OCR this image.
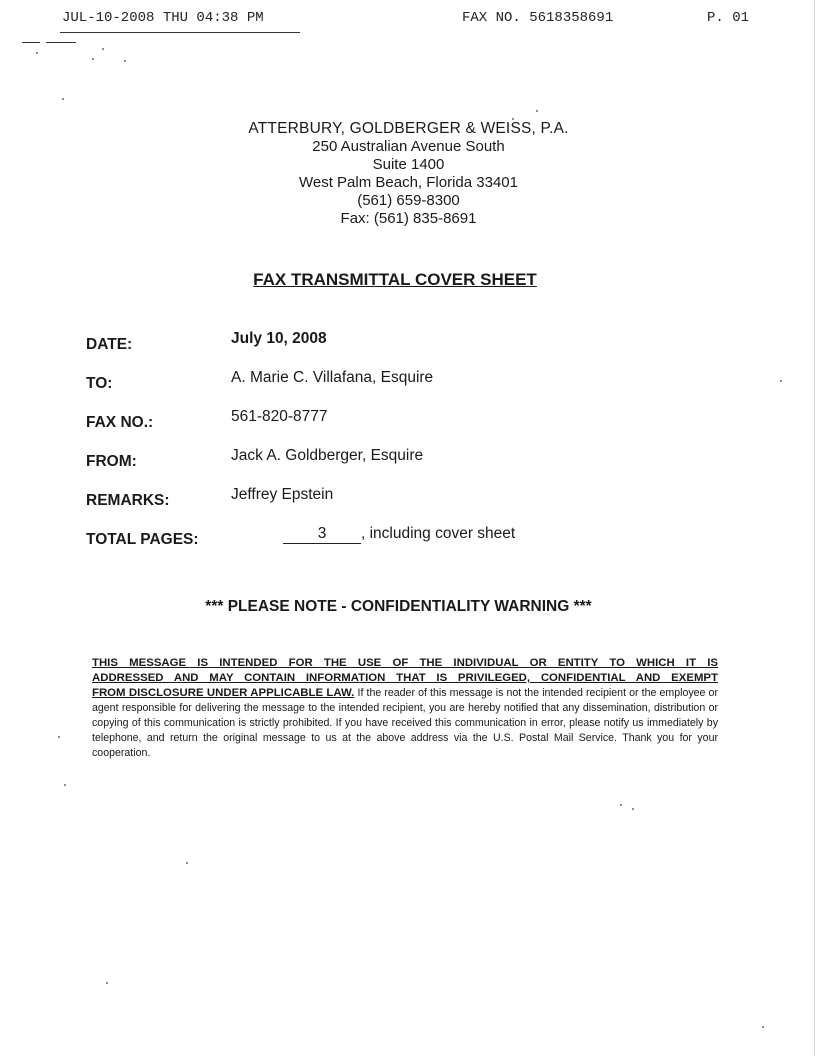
JUL-10-2008 THU 04:38 PM	FAX NO. 5618358691	P. 01
ATTERBURY, GOLDBERGER & WEISS, P.A.
250 Australian Avenue South
Suite 1400
West Palm Beach, Florida 33401
(561) 659-8300
Fax: (561) 835-8691
FAX TRANSMITTAL COVER SHEET
DATE:	July 10, 2008
TO:	A. Marie C. Villafana, Esquire
FAX NO.:	561-820-8777
FROM:	Jack A. Goldberger, Esquire
REMARKS:	Jeffrey Epstein
TOTAL PAGES:	3 , including cover sheet
*** PLEASE NOTE - CONFIDENTIALITY WARNING ***
THIS MESSAGE IS INTENDED FOR THE USE OF THE INDIVIDUAL OR ENTITY TO WHICH IT IS
ADDRESSED AND MAY CONTAIN INFORMATION THAT IS PRIVILEGED, CONFIDENTIAL AND EXEMPT
FROM DISCLOSURE UNDER APPLICABLE LAW. If the reader of this message is not the intended recipient or the employee or agent responsible for delivering the message to the intended recipient, you are hereby notified that any dissemination, distribution or copying of this communication is strictly prohibited. If you have received this communication in error, please notify us immediately by telephone, and return the original message to us at the above address via the U.S. Postal Mail Service. Thank you for your cooperation.
